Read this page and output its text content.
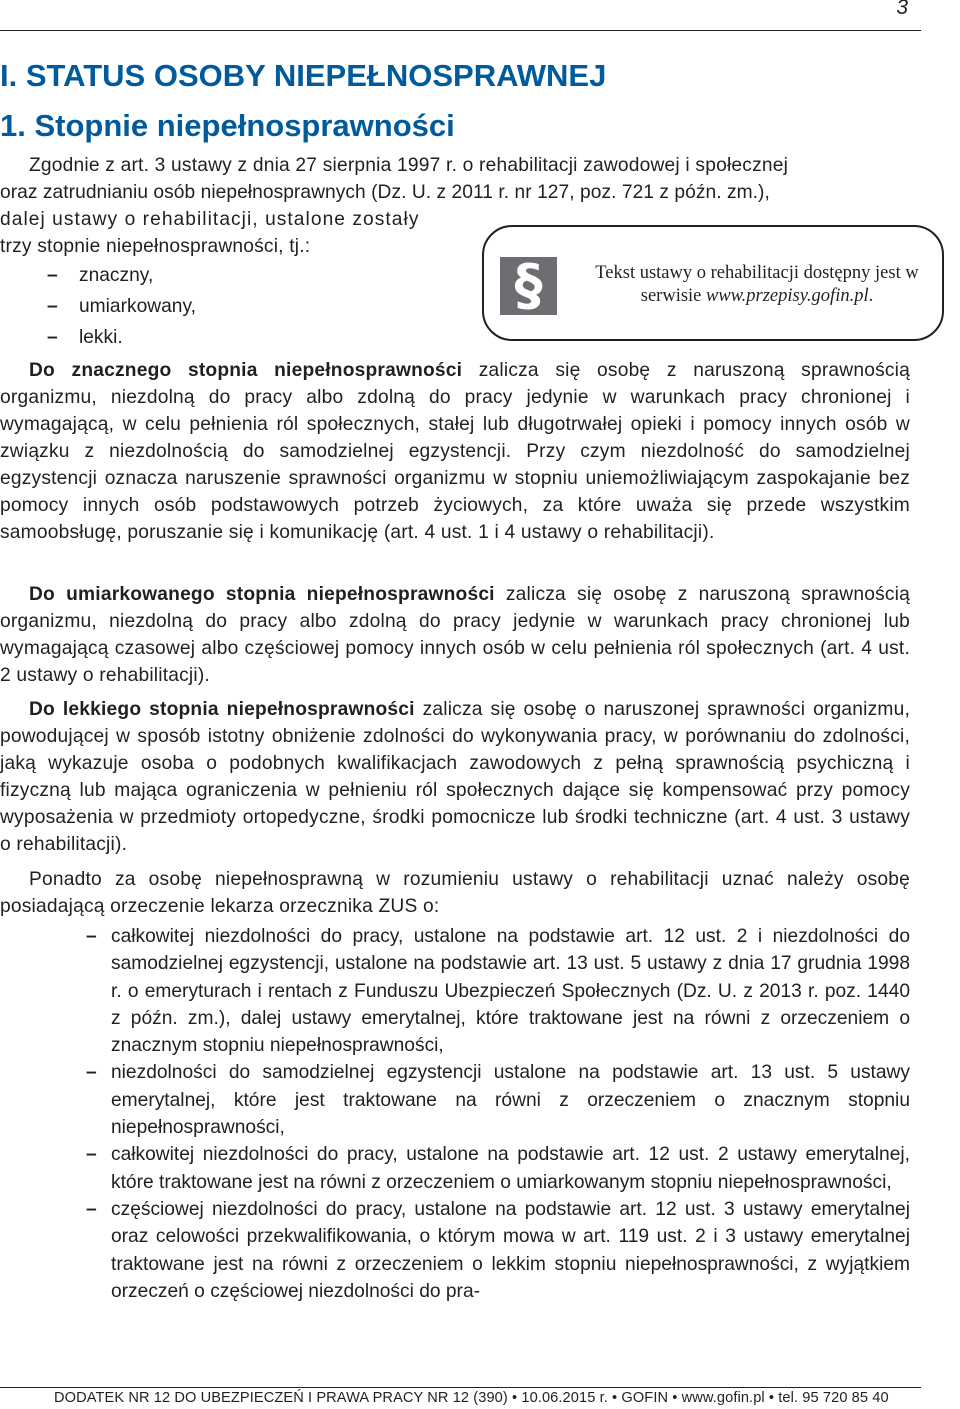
3
I. STATUS OSOBY NIEPEŁNOSPRAWNEJ
1. Stopnie niepełnosprawności
Zgodnie z art. 3 ustawy z dnia 27 sierpnia 1997 r. o rehabilitacji zawodowej i społecznej
oraz zatrudnianiu osób niepełnosprawnych (Dz. U. z 2011 r. nr 127, poz. 721 z późn. zm.),
dalej ustawy o rehabilitacji, ustalone zostały
trzy stopnie niepełnosprawności, tj.:
– znaczny,
– umiarkowany,
– lekki.
§	Tekst ustawy o rehabilitacji dostępny jest w serwisie www.przepisy.gofin.pl.

Do znacznego stopnia niepełnosprawności zalicza się osobę z naruszoną sprawnością organizmu, niezdolną do pracy albo zdolną do pracy jedynie w warunkach pracy chronionej i wymagającą, w celu pełnienia ról społecznych, stałej lub długotrwałej opieki i pomocy innych osób w związku z niezdolnością do samodzielnej egzystencji. Przy czym niezdolność do samodzielnej egzystencji oznacza naruszenie sprawności organizmu w stopniu uniemożliwiającym zaspokajanie bez pomocy innych osób podstawowych potrzeb życiowych, za które uważa się przede wszystkim samoobsługę, poruszanie się i komunikację (art. 4 ust. 1 i 4 ustawy o rehabilitacji).

Do umiarkowanego stopnia niepełnosprawności zalicza się osobę z naruszoną sprawnością organizmu, niezdolną do pracy albo zdolną do pracy jedynie w warunkach pracy chronionej lub wymagającą czasowej albo częściowej pomocy innych osób w celu pełnienia ról społecznych (art. 4 ust. 2 ustawy o rehabilitacji).

Do lekkiego stopnia niepełnosprawności zalicza się osobę o naruszonej sprawności organizmu, powodującej w sposób istotny obniżenie zdolności do wykonywania pracy, w porównaniu do zdolności, jaką wykazuje osoba o podobnych kwalifikacjach zawodowych z pełną sprawnością psychiczną i fizyczną lub mająca ograniczenia w pełnieniu ról społecznych dające się kompensować przy pomocy wyposażenia w przedmioty ortopedyczne, środki pomocnicze lub środki techniczne (art. 4 ust. 3 ustawy o rehabilitacji).

Ponadto za osobę niepełnosprawną w rozumieniu ustawy o rehabilitacji uznać należy osobę posiadającą orzeczenie lekarza orzecznika ZUS o:

– całkowitej niezdolności do pracy, ustalone na podstawie art. 12 ust. 2 i niezdolności do samodzielnej egzystencji, ustalone na podstawie art. 13 ust. 5 ustawy z dnia 17 grudnia 1998 r. o emeryturach i rentach z Funduszu Ubezpieczeń Społecznych (Dz. U. z 2013 r. poz. 1440 z późn. zm.), dalej ustawy emerytalnej, które traktowane jest na równi z orzeczeniem o znacznym stopniu niepełnosprawności,
– niezdolności do samodzielnej egzystencji ustalone na podstawie art. 13 ust. 5 ustawy emerytalnej, które jest traktowane na równi z orzeczeniem o znacznym stopniu niepełnosprawności,
– całkowitej niezdolności do pracy, ustalone na podstawie art. 12 ust. 2 ustawy emerytalnej, które traktowane jest na równi z orzeczeniem o umiarkowanym stopniu niepełnosprawności,
– częściowej niezdolności do pracy, ustalone na podstawie art. 12 ust. 3 ustawy emerytalnej oraz celowości przekwalifikowania, o którym mowa w art. 119 ust. 2 i 3 ustawy emerytalnej traktowane jest na równi z orzeczeniem o lekkim stopniu niepełnosprawności, z wyjątkiem orzeczeń o częściowej niezdolności do pra-
DODATEK NR 12 DO UBEZPIECZEŃ I PRAWA PRACY NR 12 (390) • 10.06.2015 r. • GOFIN • www.gofin.pl • tel. 95 720 85 40
